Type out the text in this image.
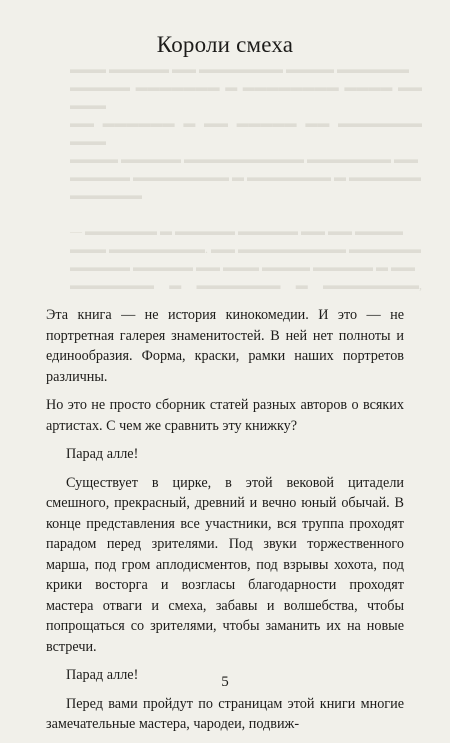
Короли смеха

▬▬▬ ▬▬▬▬▬ ▬▬ ▬▬▬▬▬▬▬ ▬▬▬▬ ▬▬▬▬▬▬

▬▬▬▬▬ ▬▬▬▬▬▬▬ ▬ ▬▬▬▬▬▬▬▬ ▬▬▬▬ ▬▬ ▬▬▬

▬▬ ▬▬▬▬▬▬ ▬ ▬▬ ▬▬▬▬▬ ▬▬ ▬▬▬▬▬▬▬ ▬▬▬

▬▬▬▬ ▬▬▬▬▬ ▬▬▬▬▬▬▬▬▬▬ ▬▬▬▬▬▬▬ ▬▬

▬▬▬▬▬ ▬▬▬▬▬▬▬▬ ▬ ▬▬▬▬▬▬▬ ▬ ▬▬▬▬▬▬

▬▬▬▬▬▬

— ▬▬▬▬▬▬ ▬ ▬▬▬▬▬ ▬▬▬▬▬ ▬▬ ▬▬ ▬▬▬▬

▬▬▬ ▬▬▬▬▬▬▬▬. ▬▬ ▬▬▬▬▬▬▬▬▬ ▬▬▬▬▬▬

▬▬▬▬▬ ▬▬▬▬▬ ▬▬ ▬▬▬ ▬▬▬▬ ▬▬▬▬▬ ▬ ▬▬

▬▬▬▬▬▬▬ ▬ ▬▬▬▬▬▬▬ ▬ ▬▬▬▬▬▬▬▬,

Эта книга — не история кинокомедии. И это — не портретная галерея знаменитостей. В ней нет полноты и единообразия. Форма, краски, рамки наших портретов различны.

Но это не просто сборник статей разных авторов о всяких артистах. С чем же сравнить эту книжку?

Парад алле!

Существует в цирке, в этой вековой цитадели смешного, прекрасный, древний и вечно юный обычай. В конце представления все участники, вся труппа проходят парадом перед зрителями. Под звуки торжественного марша, под гром аплодисментов, под взрывы хохота, под крики восторга и возгласы благодарности проходят мастера отваги и смеха, забавы и волшебства, чтобы попрощаться со зрителями, чтобы заманить их на новые встречи.

Парад алле!

Перед вами пройдут по страницам этой книги многие замечательные мастера, чародеи, подвиж-

5
